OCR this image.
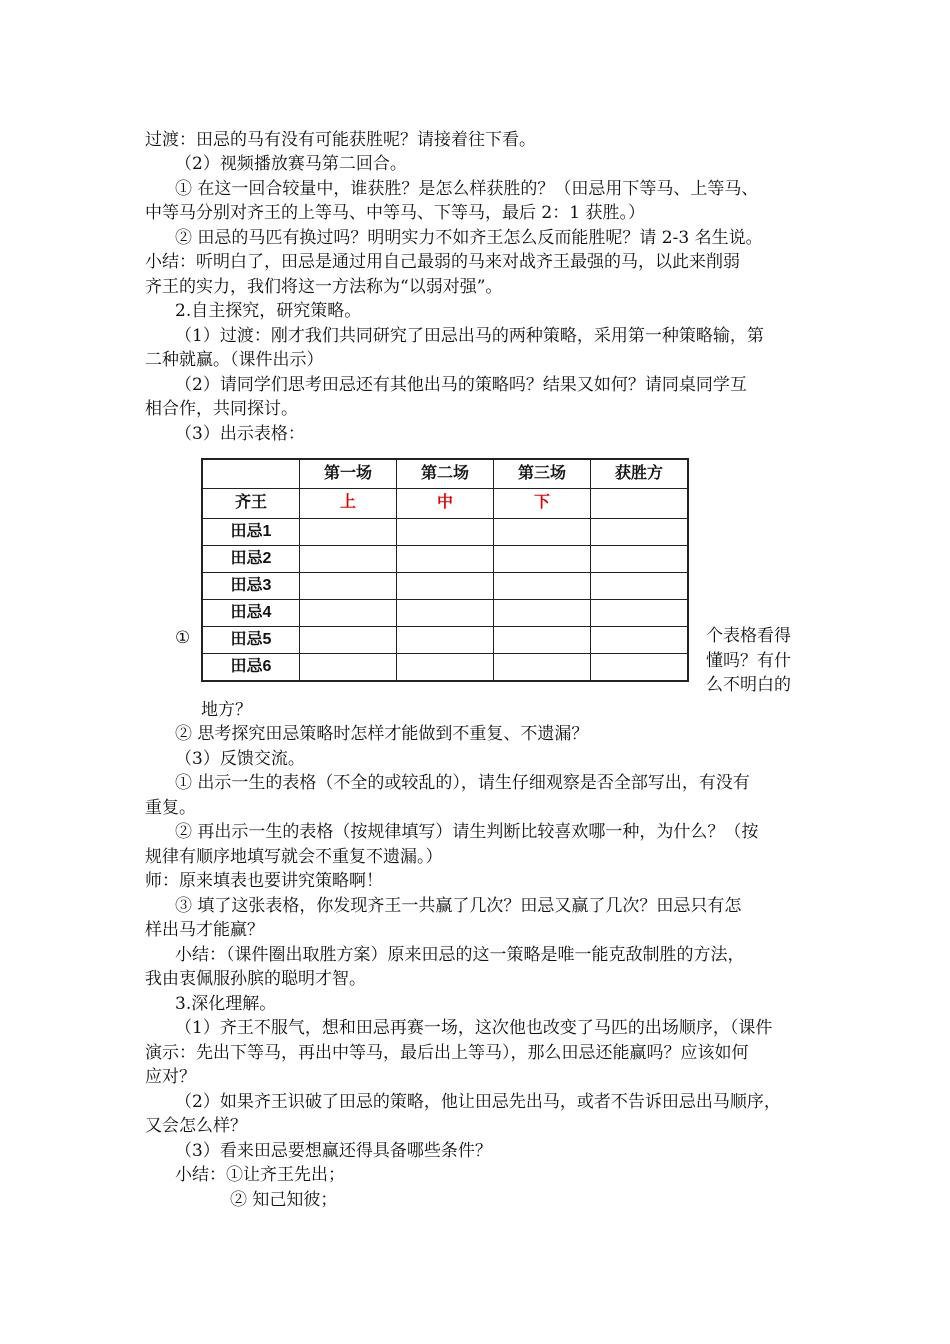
过渡：田忌的马有没有可能获胜呢？请接着往下看。
（2）视频播放赛马第二回合。
① 在这一回合较量中，谁获胜？是怎么样获胜的？（田忌用下等马、上等马、
中等马分别对齐王的上等马、中等马、下等马，最后 2：1 获胜。）
② 田忌的马匹有换过吗？明明实力不如齐王怎么反而能胜呢？请 2-3 名生说。
小结：听明白了，田忌是通过用自己最弱的马来对战齐王最强的马，以此来削弱
齐王的实力，我们将这一方法称为“以弱对强”。
2.自主探究，研究策略。
（1）过渡：刚才我们共同研究了田忌出马的两种策略，采用第一种策略输，第
二种就赢。（课件出示）
（2）请同学们思考田忌还有其他出马的策略吗？结果又如何？请同桌同学互
相合作，共同探讨。
（3）出示表格：
	第一场	第二场	第三场	获胜方
齐王	上	中	下	
田忌1				
田忌2				
田忌3				
田忌4				
田忌5				
田忌6				
①	个表格看得
懂吗？有什
么不明白的
地方？
② 思考探究田忌策略时怎样才能做到不重复、不遗漏？
（3）反馈交流。
① 出示一生的表格（不全的或较乱的），请生仔细观察是否全部写出，有没有
重复。
② 再出示一生的表格（按规律填写）请生判断比较喜欢哪一种，为什么？（按
规律有顺序地填写就会不重复不遗漏。）
师：原来填表也要讲究策略啊！
③ 填了这张表格，你发现齐王一共赢了几次？田忌又赢了几次？田忌只有怎
样出马才能赢？
小结：（课件圈出取胜方案）原来田忌的这一策略是唯一能克敌制胜的方法，
我由衷佩服孙膑的聪明才智。
3.深化理解。
（1）齐王不服气，想和田忌再赛一场，这次他也改变了马匹的出场顺序，（课件
演示：先出下等马，再出中等马，最后出上等马），那么田忌还能赢吗？应该如何
应对？
（2）如果齐王识破了田忌的策略，他让田忌先出马，或者不告诉田忌出马顺序，
又会怎么样？
（3）看来田忌要想赢还得具备哪些条件？
小结：①让齐王先出；
② 知己知彼；
